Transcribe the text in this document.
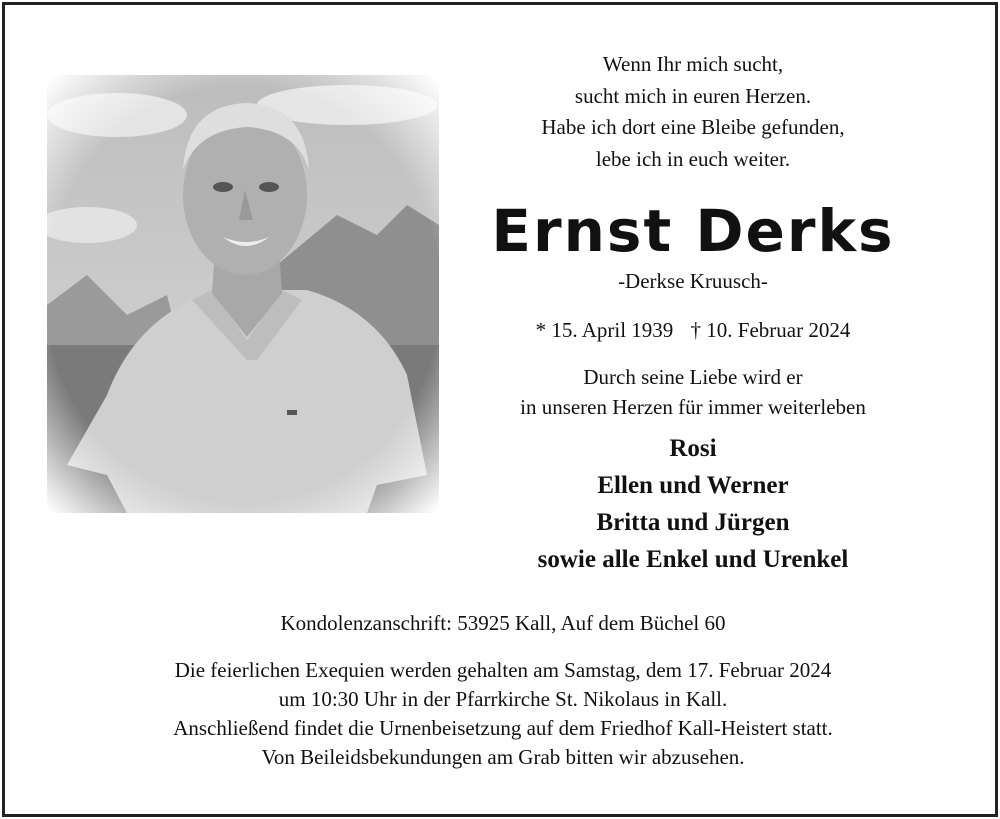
Wenn Ihr mich sucht,
sucht mich in euren Herzen.
Habe ich dort eine Bleibe gefunden,
lebe ich in euch weiter.
Ernst Derks
-Derkse Kruusch-
* 15. April 1939 † 10. Februar 2024
Durch seine Liebe wird er
in unseren Herzen für immer weiterleben
Rosi
Ellen und Werner
Britta und Jürgen
sowie alle Enkel und Urenkel
Kondolenzanschrift: 53925 Kall, Auf dem Büchel 60
Die feierlichen Exequien werden gehalten am Samstag, dem 17. Februar 2024
um 10:30 Uhr in der Pfarrkirche St. Nikolaus in Kall.
Anschließend findet die Urnenbeisetzung auf dem Friedhof Kall-Heistert statt.
Von Beileidsbekundungen am Grab bitten wir abzusehen.
